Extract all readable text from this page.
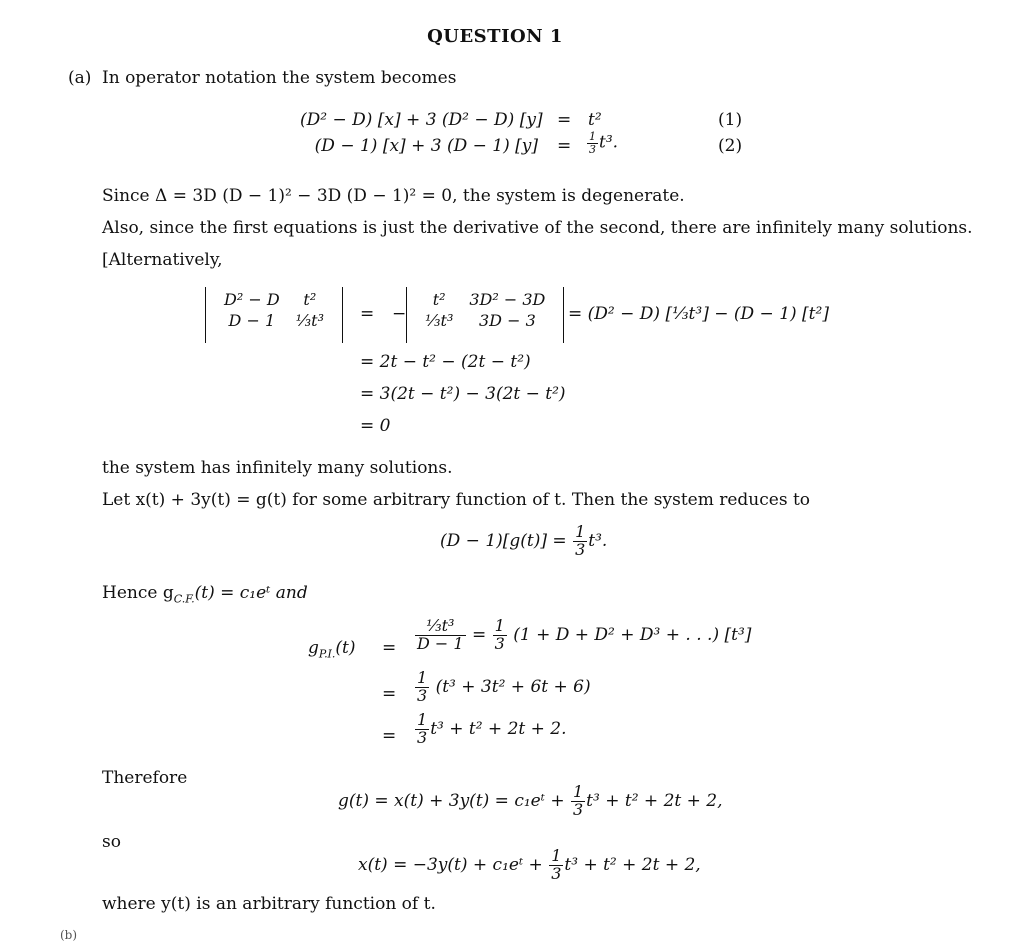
QUESTION 1
(a) In operator notation the system becomes
(D² − D) [x] + 3 (D² − D) [y] = t²	(1)
(D − 1) [x] + 3 (D − 1) $[y] = \frac{1}{3} t^3$.	(2)
Since Δ = 3D (D − 1)² − 3D (D − 1)² = 0, the system is degenerate.
Also, since the first equations is just the derivative of the second, there are infinitely many solutions.
[Alternatively,
D² − D	t²
D − 1	⅓t³ = −
t²	3D² − 3D
⅓t³	3D − 3 = (D² − D) [⅓t³] − (D − 1) [t²]
= 2t − t² − (2t − t²)
= 3(2t − t²) − 3(2t − t²)
= 0
the system has infinitely many solutions.
Let x(t) + 3y(t) = g(t) for some arbitrary function of t. Then the system reduces to
$(D - 1)[g(t)] = \frac{1}{3} t^3$.
Hence $g_{C.F.}(t)$ = c₁eᵗ and
$g_{P.I.}(t) = \frac{\text{⅓t³}}{D - 1} = \frac{1}{3} (1 + D + D^2 + D^3$ + . . .) [t³]
= $\frac{1}{3} (t^3 + 3t^2 + 6t + 6)$
= $\frac{1}{3} t^3 + t^2 + 2t + 2$.
Therefore
g(t) = x(t) + 3y(t) = c₁eᵗ + $\frac{1}{3} t^3 + t^2 + 2t + 2$,
so
x(t) = −3y(t) + c₁eᵗ + $\frac{1}{3} t^3 + t^2 + 2t + 2$,
where y(t) is an arbitrary function of t.
(b)
